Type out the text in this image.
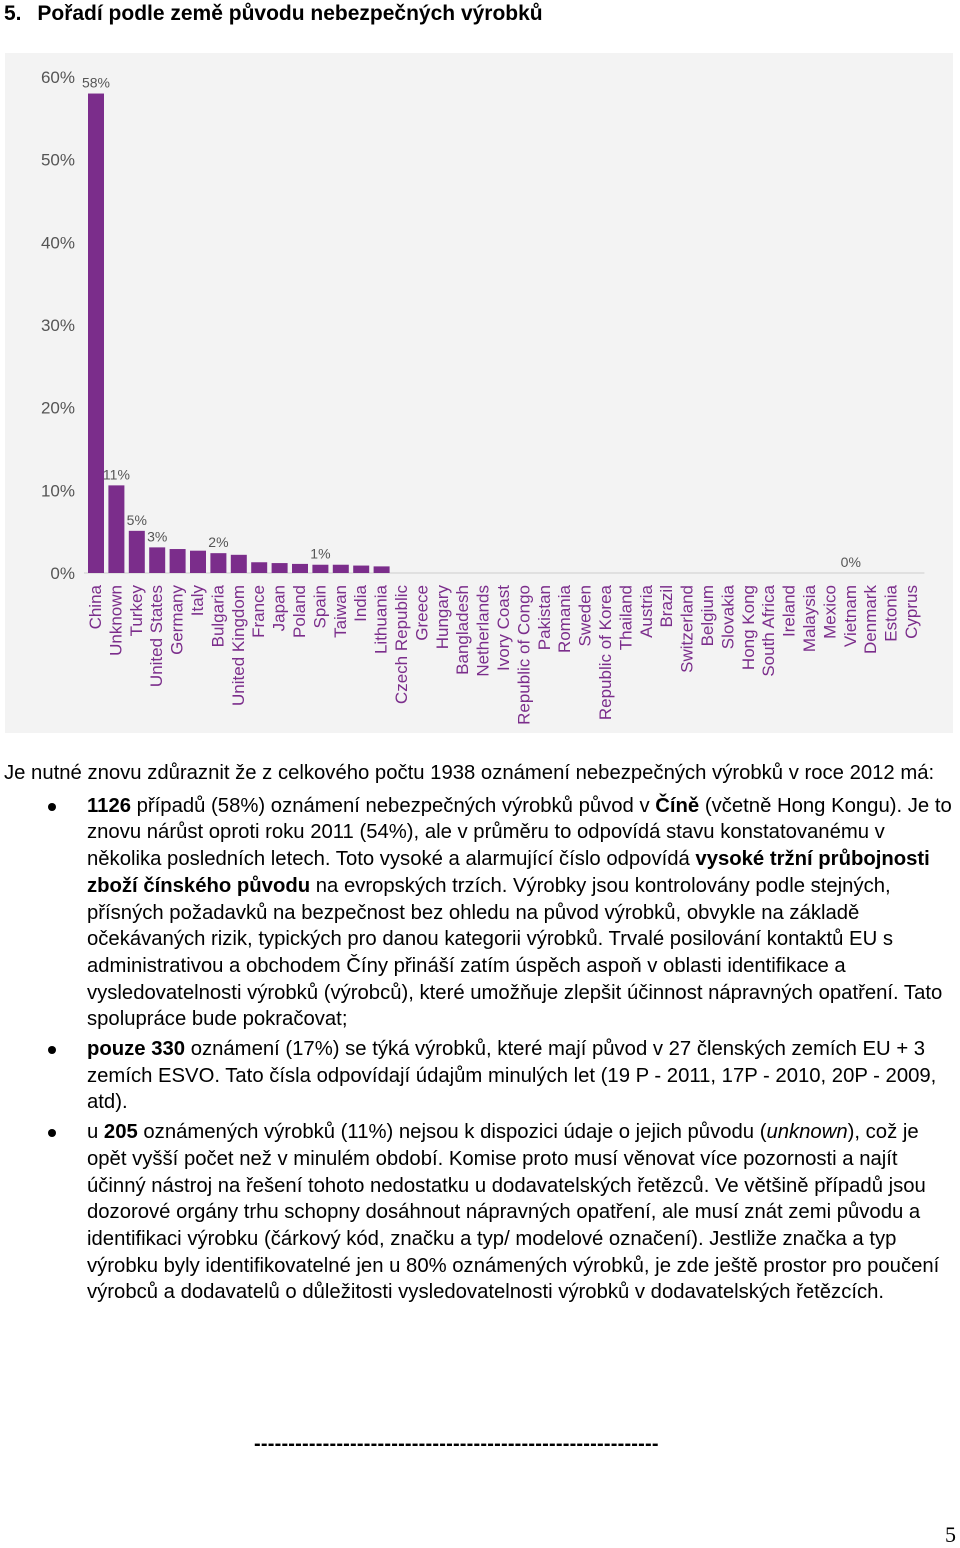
5. Pořadí podle země původu nebezpečných výrobků
0%
10%
20%
30%
40%
50%
60%
China Unknown Turkey United States Germany Italy Bulgaria United Kingdom France Japan Poland Spain Taiwan India Lithuania Czech Republic Greece Hungary Bangladesh Netherlands Ivory Coast Republic of Congo Pakistan Romania Sweden Republic of Korea Thailand Austria Brazil Switzerland Belgium Slovakia Hong Kong South Africa Ireland Malaysia Mexico Vietnam Denmark Estonia Cyprus
58%
11%
5%
3%	2%
1%
0%

Je nutné znovu zdůraznit že z celkového počtu 1938 oznámení nebezpečných výrobků v roce 2012 má:

1126 případů (58%) oznámení nebezpečných výrobků původ v Číně (včetně Hong Kongu). Je to znovu nárůst oproti roku 2011 (54%), ale v průměru to odpovídá stavu konstatovanému v několika posledních letech. Toto vysoké a alarmující číslo odpovídá vysoké tržní průbojnosti zboží čínského původu na evropských trzích. Výrobky jsou kontrolovány podle stejných, přísných požadavků na bezpečnost bez ohledu na původ výrobků, obvykle na základě očekávaných rizik, typických pro danou kategorii výrobků. Trvalé posilování kontaktů EU s administrativou a obchodem Číny přináší zatím úspěch aspoň v oblasti identifikace a vysledovatelnosti výrobků (výrobců), které umožňuje zlepšit účinnost nápravných opatření. Tato spolupráce bude pokračovat;
pouze 330 oznámení (17%) se týká výrobků, které mají původ v 27 členských zemích EU + 3 zemích ESVO. Tato čísla odpovídají údajům minulých let (19 P - 2011, 17P - 2010, 20P - 2009, atd).
u 205 oznámených výrobků (11%) nejsou k dispozici údaje o jejich původu (unknown), což je opět vyšší počet než v minulém období. Komise proto musí věnovat více pozornosti a najít účinný nástroj na řešení tohoto nedostatku u dodavatelských řetězců. Ve většině případů jsou dozorové orgány trhu schopny dosáhnout nápravných opatření, ale musí znát zemi původu a identifikaci výrobku (čárkový kód, značku a typ/ modelové označení). Jestliže značka a typ výrobku byly identifikovatelné jen u 80% oznámených výrobků, je zde ještě prostor pro poučení výrobců a dodavatelů o důležitosti vysledovatelnosti výrobků v dodavatelských řetězcích.
-----------------------------------------------------------
5
